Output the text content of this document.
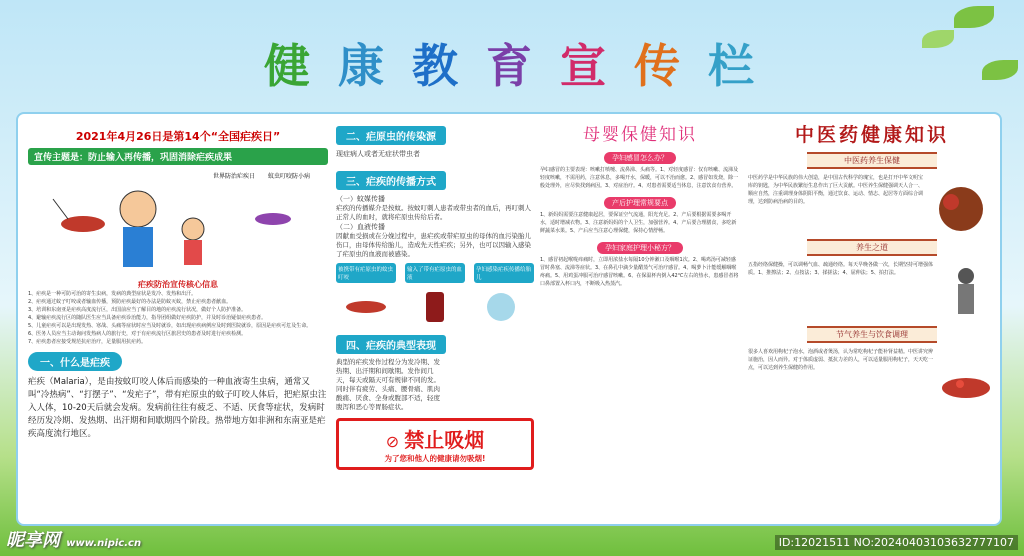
健 康 教 育 宣 传 栏
2021年4月26日是第14个“全国疟疾日”
宣传主题是：防止输入再传播，巩固消除疟疾成果
世界防治疟疾日 蚊虫叮咬防小病
疟疾防治宣传核心信息
1、疟疾是一种可防可治的寄生虫病，发病的典型症状是发冷、发热和出汗。
2、疟疾通过蚊子叮咬或者输血传播，预防疟疾最好的办法是防蚊灭蚊，禁止疟疾患者献血。
3、培训和东南亚是疟疾高度流行区，出国前应当了解目的地的疟疾流行状况，做好个人防护准备。
4、避输疟疾流行区的随队医生应当具备疟疾诊治能力，指导团组做好疟疾防护，并及时诊治疑似疟疾患者。
5、儿童疟疾可以是出现发热、寒战、头痛等症状时应当及时就诊，如出现疟疾病例应及时到医院就诊，原因是疟疾可危及生命。
6、医务人员应当主动询问发热病人的旅行史，对于有疟疾流行区旅居史的患者及时进行疟疾检测。
7、疟疾患者应接受规范抗疟治疗，足量服用抗疟药。
一、什么是疟疾
疟疾（Malaria），是由按蚊叮咬人体后而感染的一种血液寄生虫病，通常又叫“冷热病”、“打摆子”、“发疟子”，带有疟原虫的蚊子叮咬人体后，把疟原虫注入人体，10-20天后就会发病。发病前往往有疲乏、不适、厌食等症状，发病时经历发冷期、发热期、出汗期和间歇期四个阶段。热带地方如非洲和东南亚是疟疾高度流行地区。
二、疟原虫的传染源
现症病人或者无症状带虫者
三、疟疾的传播方式
（一）蚊媒传播
疟疾的传播媒介是按蚊。按蚊叮刺人患者或带虫者的血后，再叮刺人正常人的血时，就将疟原虫传给后者。
（二）血液传播
因献血受损或在分娩过程中，患疟疾或带疟原虫的母体的血污染胎儿伤口，由母体传给胎儿，造成先天性疟疾；另外，也可以因输入感染了疟原虫的血液而被感染。
被携带有疟原虫的蚊虫叮咬
输入了带有疟原虫的血液
孕妇感染疟疾传播给胎儿
四、疟疾的典型表现
典型的疟疾发作过程分为发冷期、发热期、出汗期和间歇期。发作间几天，每天或隔天可有规律不同的发。同时伴有疲劳、头痛、腰骨痛、肌肉酸痛、厌食、全身或腹部不适，轻度腹泻和恶心等胃肠症状。
⊘ 禁止吸烟
为了您和他人的健康请勿吸烟!
母婴保健知识
孕妇感冒怎么办？
孕妇感冒的主要表现：咳嗽打喷嚏、流鼻涕、头痛等。1、对轻度感冒：仅有咳嗽、流涕及轻度咳嗽，不需用药，注意休息，多喝开水，保暖，可以不治而愈。2、感冒如发烧，除一般处理外，应尽快找到病因。3、对症治疗。4、对患者需要适当休息，注意饮食有营养。
产后护理常规要点
1、新妈妈需要注意健康起居，要保证空气流通，阳光充足。2、产后要根据需要多喝开水，适时增减衣物。3、注意新妈妈的个人卫生，加强营养。4、产后要合理膳食，多吃新鲜蔬菜水果。5、产后应当注意心理保健，保持心情舒畅。
孕妇家庭护理小秘方？
1、感冒初起喉咙痒痛时，立即用浓盐水每隔10分钟漱口及咽喉1次。2、喝鸡汤可减轻感冒时鼻塞、流涕等症状。3、在鼻孔中滴少量醋蒸气可治疗感冒。4、喝萝卜汁能缓解咽喉疼痛。5、用鸡蛋冲服可治疗感冒咳嗽。6、在保温杯内倒入42℃左右的热水，患感冒者将口鼻部置入杯口内，不断吸入热蒸汽。
中医药健康知识
中医药养生保健
中医药学是中华民族的伟大创造，是中国古代科学的瑰宝，也是打开中华文明宝库的钥匙，为中华民族繁衍生息作出了巨大贡献。中医养生保健强调天人合一、顺应自然，注重调理身体阴阳平衡，通过饮食、运动、情志、起居等方面综合调理，达到防病治病的目的。
养生之道
五指经络保健操，可以调畅气血、疏通经络。每天早晚各做一次，长期坚持可增强体质。1、推擦法；2、点按法；3、揉搓法；4、屈伸法；5、拍打法。
节气养生与饮食调理
很多人喜欢用枸杞子泡水，泡酒或者煲汤，认为常吃枸杞子能补肾益精。中医讲究辨证施治，因人而异。对于体质虚弱、抵抗力差的人，可以适量服用枸杞子，天天吃一点，可以达到养生保健的作用。
昵享网 www.nipic.cn	ID:12021511 NO:20240403103632777107
